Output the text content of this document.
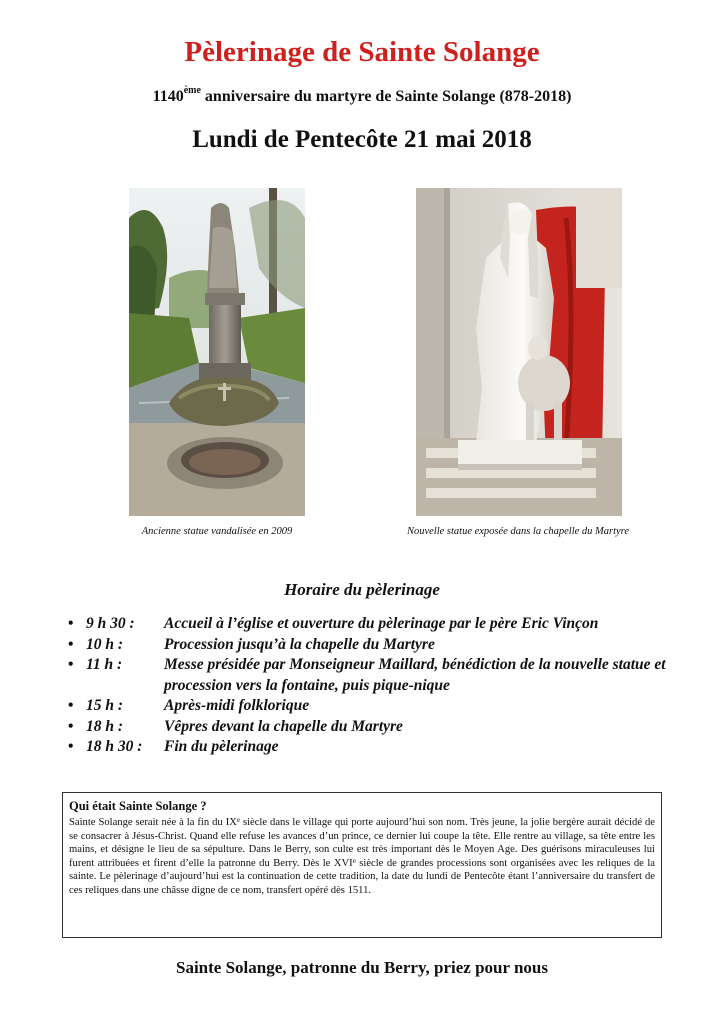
Pèlerinage de Sainte Solange
1140ème anniversaire du martyre de Sainte Solange (878-2018)
Lundi de Pentecôte 21 mai 2018
Ancienne statue vandalisée en 2009	Nouvelle statue exposée dans la chapelle du Martyre
Horaire du pèlerinage
• 9 h 30 : Accueil à l’église et ouverture du pèlerinage par le père Eric Vinçon
• 10 h :	Procession jusqu’à la chapelle du Martyre
• 11 h :	Messe présidée par Monseigneur Maillard, bénédiction de la nouvelle statue et procession vers la fontaine, puis pique-nique
• 15 h :	Après-midi folklorique
• 18 h :	Vêpres devant la chapelle du Martyre
• 18 h 30 : Fin du pèlerinage
Qui était Sainte Solange ?

Sainte Solange serait née à la fin du IXe siècle dans le village qui porte aujourd’hui son nom. Très jeune, la jolie bergère aurait décidé de se consacrer à Jésus-Christ. Quand elle refuse les avances d’un prince, ce dernier lui coupe la tête. Elle rentre au village, sa tête entre les mains, et désigne le lieu de sa sépulture. Dans le Berry, son culte est très important dès le Moyen Age. Des guérisons miraculeuses lui furent attribuées et firent d’elle la patronne du Berry. Dès le XVIe siècle de grandes processions sont organisées avec les reliques de la sainte. Le pèlerinage d’aujourd’hui est la continuation de cette tradition, la date du lundi de Pentecôte étant l’anniversaire du transfert de ces reliques dans une châsse digne de ce nom, transfert opéré dès 1511.

Sainte Solange, patronne du Berry, priez pour nous
